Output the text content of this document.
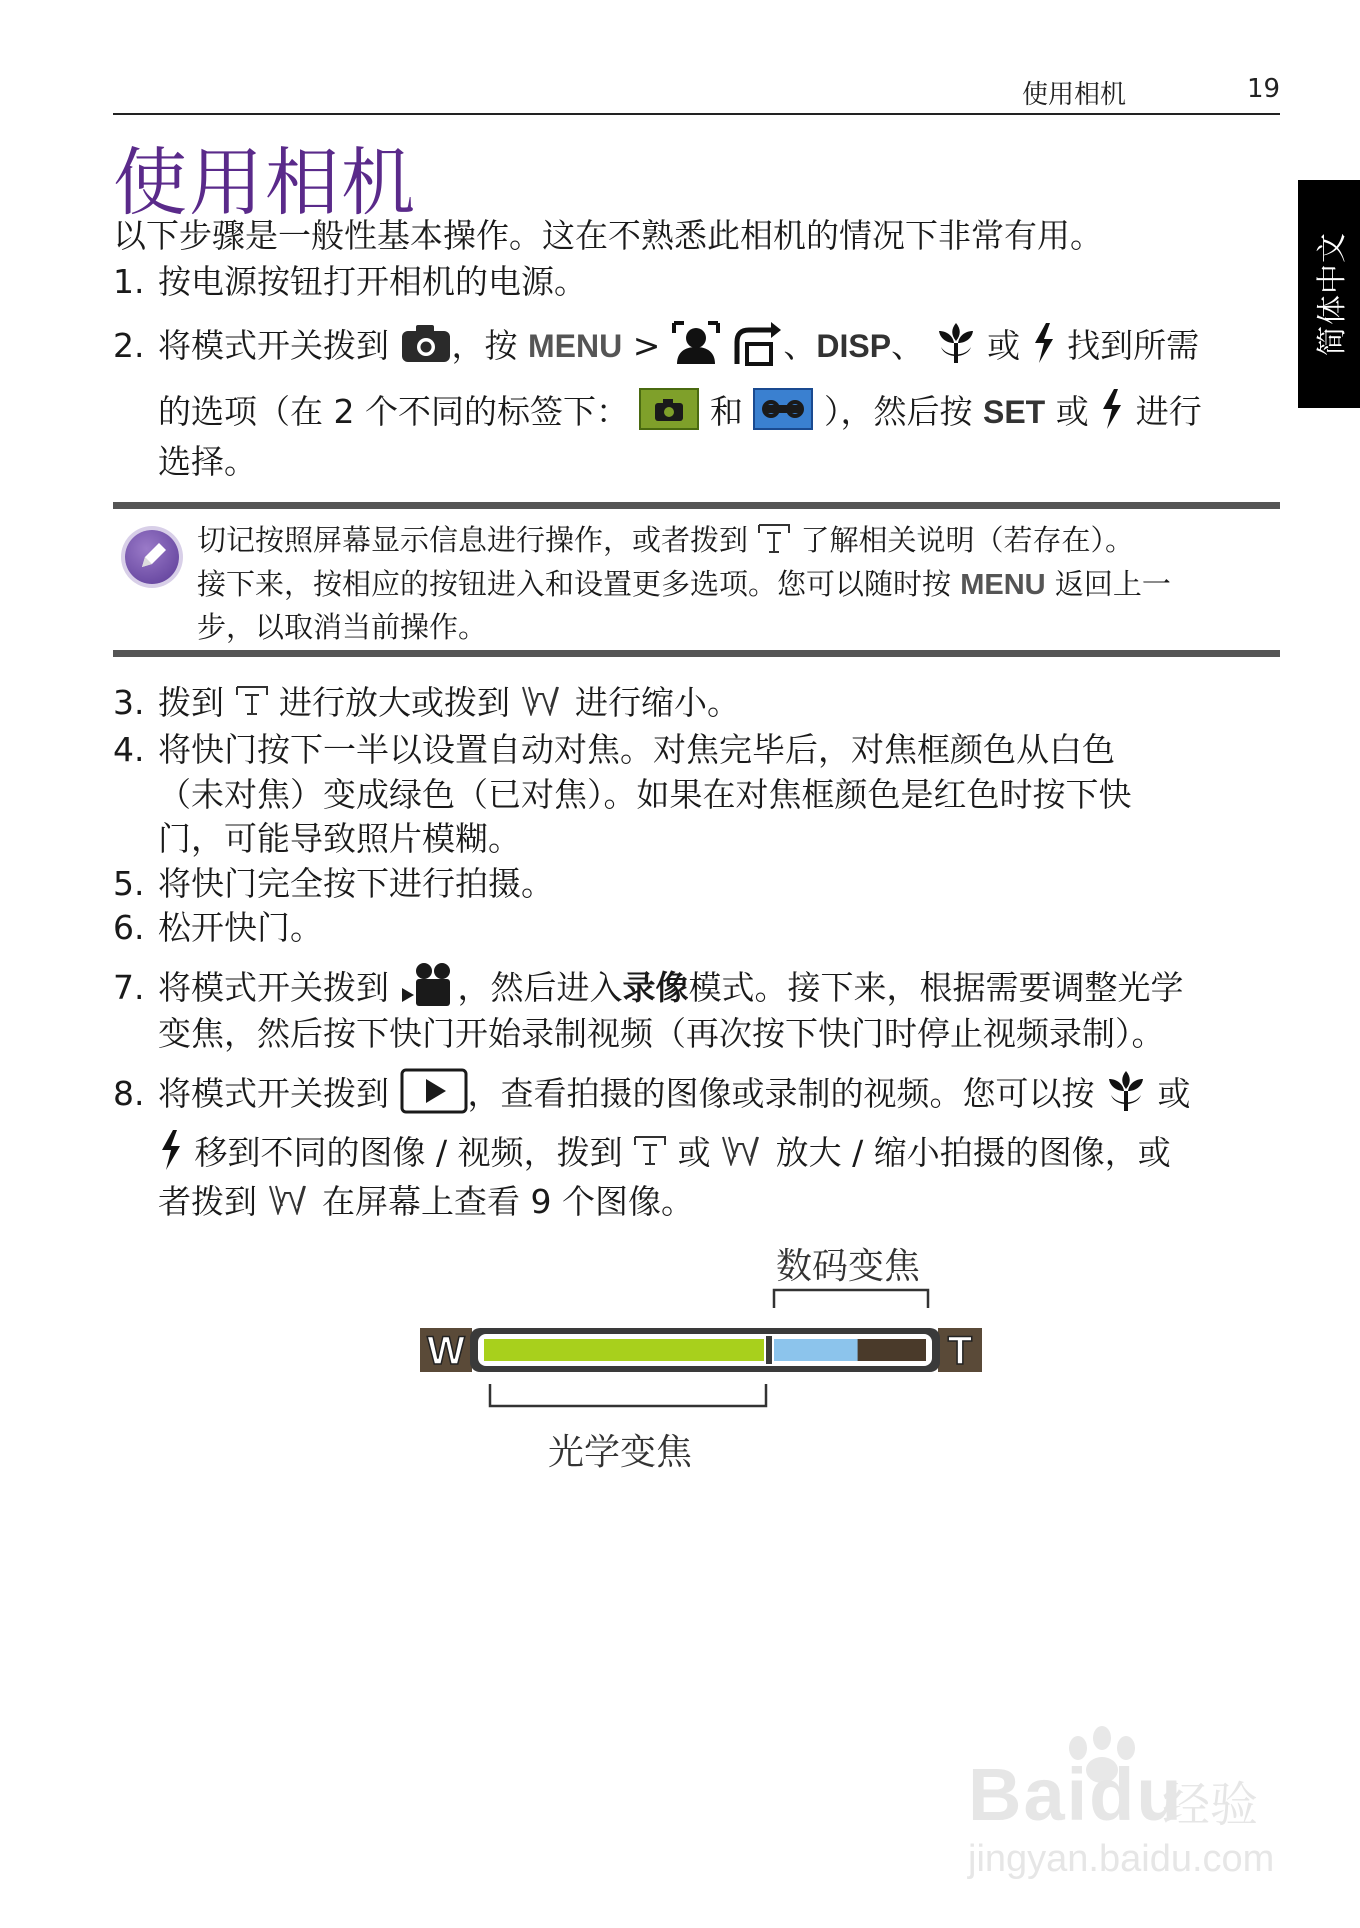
使用相机	19
简体中文
使用相机
以下步骤是一般性基本操作。这在不熟悉此相机的情况下非常有用。
1. 按电源按钮打开相机的电源。
2. 将模式开关拨到 ，按 MENU >	、DISP、 或 找到所需
的选项（在 2 个不同的标签下： 和 ），然后按 SET 或 进行
选择。
切记按照屏幕显示信息进行操作，或者拨到 了解相关说明（若存在）。
接下来，按相应的按钮进入和设置更多选项。您可以随时按 MENU 返回上一
步，以取消当前操作。
3. 拨到 进行放大或拨到 进行缩小。
4. 将快门按下一半以设置自动对焦。对焦完毕后，对焦框颜色从白色
（未对焦）变成绿色（已对焦）。如果在对焦框颜色是红色时按下快
门，可能导致照片模糊。
5. 将快门完全按下进行拍摄。
6. 松开快门。
7. 将模式开关拨到 ，然后进入录像模式。接下来，根据需要调整光学
变焦，然后按下快门开始录制视频（再次按下快门时停止视频录制）。
8. 将模式开关拨到 ，查看拍摄的图像或录制的视频。您可以按 或
移到不同的图像 / 视频，拨到 或 放大 / 缩小拍摄的图像，或
者拨到 在屏幕上查看 9 个图像。
数码变焦
光学变焦
W	T
Baidu
经验
jingyan.baidu.com
